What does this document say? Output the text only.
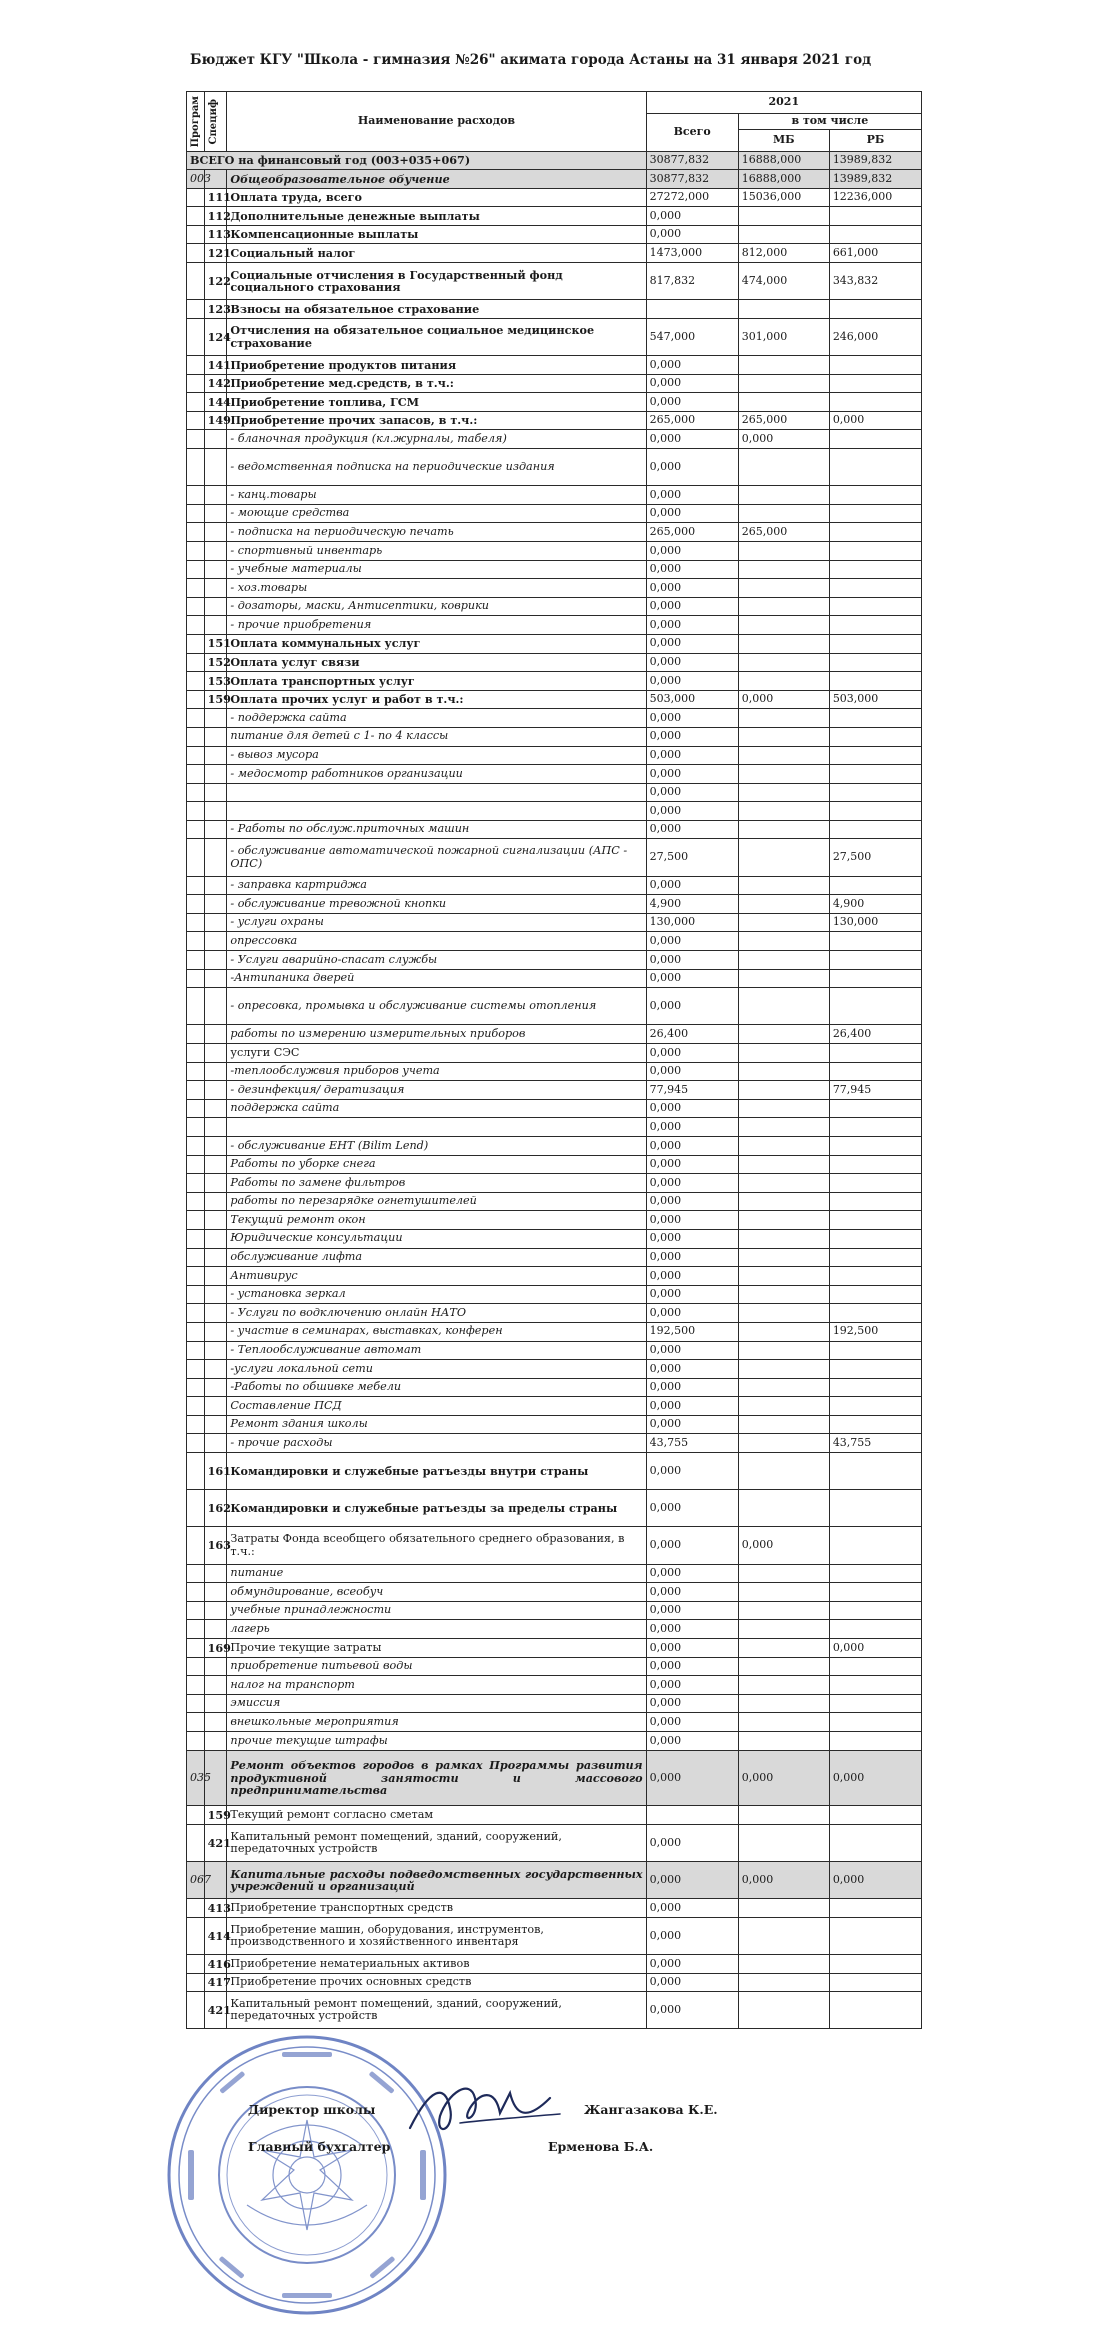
Бюджет КГУ "Школа - гимназия №26" акимата города Астаны на 31 января 2021 год
Програм	Специф	Наименование расходов	2021		
			Всего	в том числе	
				МБ	РБ
ВСЕГО на финансовый год (003+035+067)			30877,832	16888,000	13989,832
003		Общеобразовательное обучение	30877,832	16888,000	13989,832
	111	Оплата труда, всего	27272,000	15036,000	12236,000
	112	Дополнительные денежные выплаты	0,000		
	113	Компенсационные выплаты	0,000		
	121	Социальный налог	1473,000	812,000	661,000
	122	Социальные отчисления в Государственный фонд социального страхования	817,832	474,000	343,832
	123	Взносы на обязательное страхование			
	124	Отчисления на обязательное социальное медицинское страхование	547,000	301,000	246,000
	141	Приобретение продуктов питания	0,000		
	142	Приобретение мед.средств, в т.ч.:	0,000		
	144	Приобретение топлива, ГСМ	0,000		
	149	Приобретение прочих запасов, в т.ч.:	265,000	265,000	0,000
		- бланочная продукция (кл.журналы, табеля)	0,000	0,000	
		- ведомственная подписка на периодические издания	0,000		
		- канц.товары	0,000		
		- моющие средства	0,000		
		- подписка на периодическую печать	265,000	265,000	
		- спортивный инвентарь	0,000		
		- учебные материалы	0,000		
		- хоз.товары	0,000		
		- дозаторы, маски, Антисептики, коврики	0,000		
		- прочие приобретения	0,000		
	151	Оплата коммунальных услуг	0,000		
	152	Оплата услуг связи	0,000		
	153	Оплата транспортных услуг	0,000		
	159	Оплата прочих услуг и работ в т.ч.:	503,000	0,000	503,000
		- поддержка сайта	0,000		
		питание для детей с 1- по 4 классы	0,000		
		- вывоз мусора	0,000		
		- медосмотр работников организации	0,000		
			0,000		
			0,000		
		- Работы по обслуж.приточных машин	0,000		
		- обслуживание автоматической пожарной сигнализации (АПС - ОПС)	27,500		27,500
		- заправка картриджа	0,000		
		- обслуживание тревожной кнопки	4,900		4,900
		- услуги охраны	130,000		130,000
		опрессовка	0,000		
		- Услуги аварийно-спасат службы	0,000		
		-Антипаника дверей	0,000		
		- опресовка, промывка и обслуживание системы отопления	0,000		
		работы по измерению измерительных приборов	26,400		26,400
		услуги СЭС	0,000		
		-теплообслужвия приборов учета	0,000		
		- дезинфекция/ дератизация	77,945		77,945
		поддержка сайта	0,000		
			0,000		
		- обслуживание ЕНТ (Bilim Lend)	0,000		
		Работы по уборке снега	0,000		
		Работы по замене фильтров	0,000		
		работы по перезарядке огнетушителей	0,000		
		Текущий ремонт окон	0,000		
		Юридические консультации	0,000		
		обслуживание лифта	0,000		
		Антивирус	0,000		
		- установка зеркал	0,000		
		- Услуги по водключению онлайн НАТО	0,000		
		- участие в семинарах, выставках, конферен	192,500		192,500
		- Теплообслуживание автомат	0,000		
		-услуги локальной сети	0,000		
		-Работы по обшивке мебели	0,000		
		Составление ПСД	0,000		
		Ремонт здания школы	0,000		
		- прочие расходы	43,755		43,755
	161	Командировки и служебные ратъезды внутри страны	0,000		
	162	Командировки и служебные ратъезды за пределы страны	0,000		
	163	Затраты Фонда всеобщего обязательного среднего образования, в т.ч.:	0,000	0,000	
		питание	0,000		
		обмундирование, всеобуч	0,000		
		учебные принадлежности	0,000		
		лагерь	0,000		
	169	Прочие текущие затраты	0,000		0,000
		приобретение питьевой воды	0,000		
		налог на транспорт	0,000		
		эмиссия	0,000		
		внешкольные мероприятия	0,000		
		прочие текущие штрафы	0,000		
035		Ремонт объектов городов в рамках Программы развития продуктивной занятости и массового предпринимательства	0,000	0,000	0,000
	159	Текущий ремонт согласно сметам			
	421	Капитальный ремонт помещений, зданий, сооружений, передаточных устройств	0,000		
067		Капитальные расходы подведомственных государственных учреждений и организаций	0,000	0,000	0,000
	413	Приобретение транспортных средств	0,000		
	414	Приобретение машин, оборудования, инструментов, производственного и хозяйственного инвентаря	0,000		
	416	Приобретение нематериальных активов	0,000		
	417	Приобретение прочих основных средств	0,000		
	421	Капитальный ремонт помещений, зданий, сооружений, передаточных устройств	0,000		
Директор школы	Жангазакова К.Е.
Главный бухгалтер	Ерменова Б.А.
